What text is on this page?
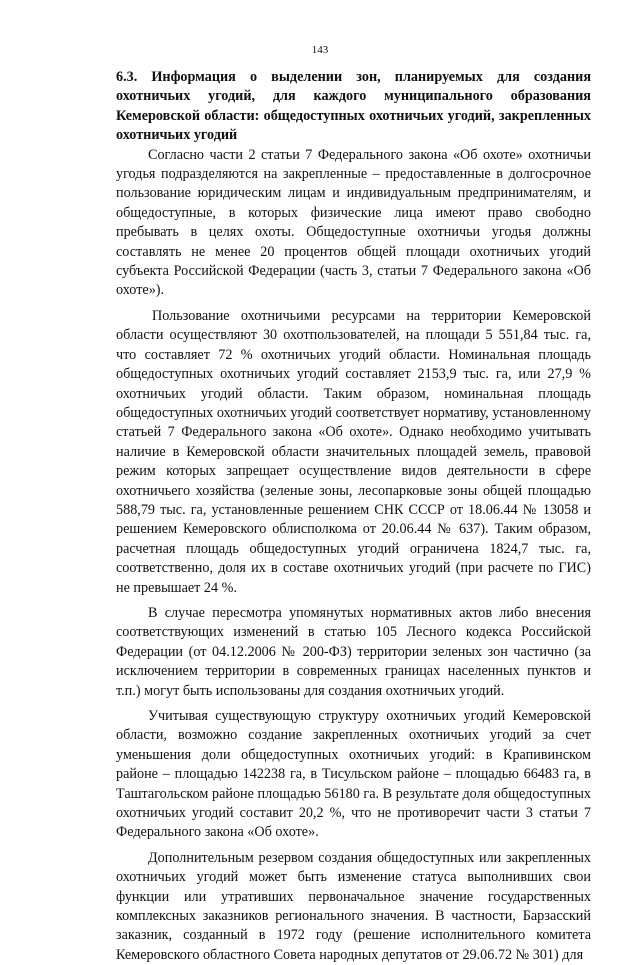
143

6.3. Информация о выделении зон, планируемых для создания охотничьих угодий, для каждого муниципального образования Кемеровской области: общедоступных охотничьих угодий, закрепленных охотничьих угодий

Согласно части 2 статьи 7 Федерального закона «Об охоте» охотничьи угодья подразделяются на закрепленные – предоставленные в долгосрочное пользование юридическим лицам и индивидуальным предпринимателям, и общедоступные, в которых физические лица имеют право свободно пребывать в целях охоты. Общедоступные охотничьи угодья должны составлять не менее 20 процентов общей площади охотничьих угодий субъекта Российской Федерации (часть 3, статьи 7 Федерального закона «Об охоте»).

Пользование охотничьими ресурсами на территории Кемеровской области осуществляют 30 охотпользователей, на площади 5 551,84 тыс. га, что составляет 72 % охотничьих угодий области. Номинальная площадь общедоступных охотничьих угодий составляет 2153,9 тыс. га, или 27,9 % охотничьих угодий области. Таким образом, номинальная площадь общедоступных охотничьих угодий соответствует нормативу, установленному статьей 7 Федерального закона «Об охоте». Однако необходимо учитывать наличие в Кемеровской области значительных площадей земель, правовой режим которых запрещает осуществление видов деятельности в сфере охотничьего хозяйства (зеленые зоны, лесопарковые зоны общей площадью 588,79 тыс. га, установленные решением СНК СССР от 18.06.44 № 13058 и решением Кемеровского облисполкома от 20.06.44 № 637). Таким образом, расчетная площадь общедоступных угодий ограничена 1824,7 тыс. га, соответственно, доля их в составе охотничьих угодий (при расчете по ГИС) не превышает 24 %.

В случае пересмотра упомянутых нормативных актов либо внесения соответствующих изменений в статью 105 Лесного кодекса Российской Федерации (от 04.12.2006 № 200-ФЗ) территории зеленых зон частично (за исключением территории в современных границах населенных пунктов и т.п.) могут быть использованы для создания охотничьих угодий.

Учитывая существующую структуру охотничьих угодий Кемеровской области, возможно создание закрепленных охотничьих угодий за счет уменьшения доли общедоступных охотничьих угодий: в Крапивинском районе – площадью 142238 га, в Тисульском районе – площадью 66483 га, в Таштагольском районе площадью 56180 га. В результате доля общедоступных охотничьих угодий составит 20,2 %, что не противоречит части 3 статьи 7 Федерального закона «Об охоте».

Дополнительным резервом создания общедоступных или закрепленных охотничьих угодий может быть изменение статуса выполнивших свои функции или утративших первоначальное значение государственных комплексных заказников регионального значения. В частности, Барзасский заказник, созданный в 1972 году (решение исполнительного комитета Кемеровского областного Совета народных депутатов от 29.06.72 № 301) для
